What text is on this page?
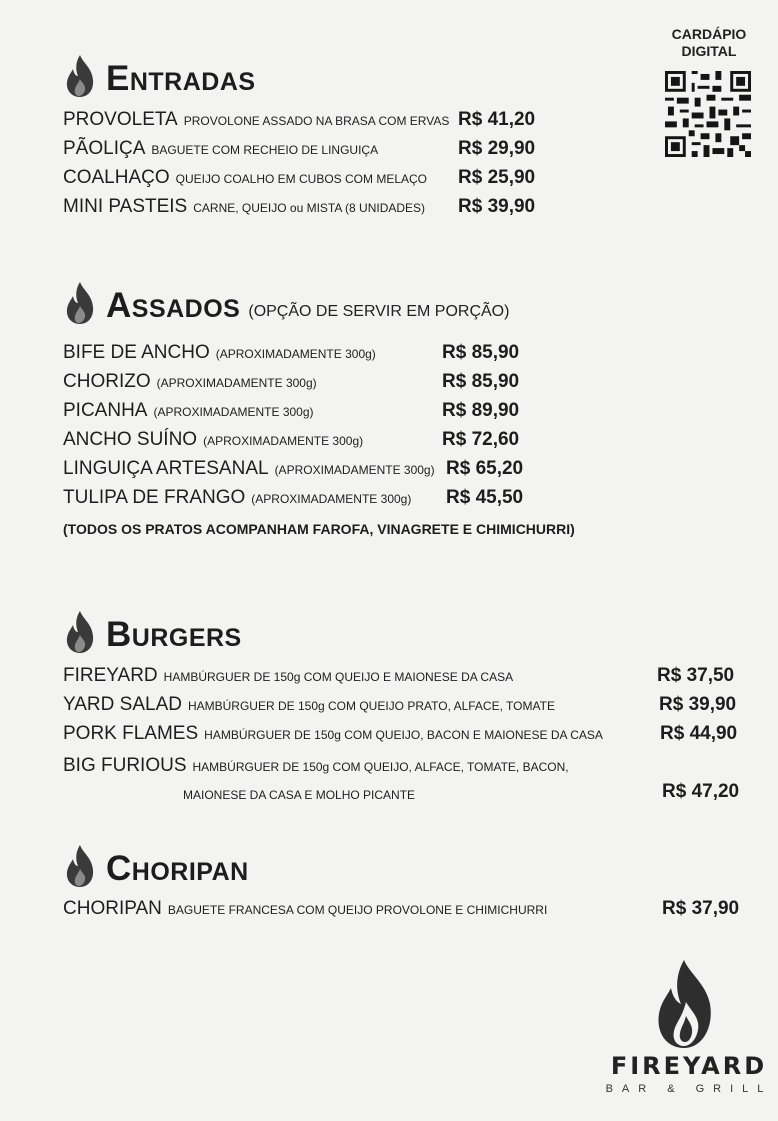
CARDÁPIO
DIGITAL
Entradas
PROVOLETA PROVOLONE ASSADO NA BRASA COM ERVAS R$ 41,20
PÃOLIÇA BAGUETE COM RECHEIO DE LINGUIÇA	R$ 29,90
COALHAÇO QUEIJO COALHO EM CUBOS COM MELAÇO R$ 25,90
MINI PASTEIS CARNE, QUEIJO ou MISTA (8 UNIDADES) R$ 39,90
Assados (OPÇÃO DE SERVIR EM PORÇÃO)
BIFE DE ANCHO (APROXIMADAMENTE 300g)	R$ 85,90
CHORIZO (APROXIMADAMENTE 300g)	R$ 85,90
PICANHA (APROXIMADAMENTE 300g)	R$ 89,90
ANCHO SUÍNO (APROXIMADAMENTE 300g)	R$ 72,60
LINGUIÇA ARTESANAL (APROXIMADAMENTE 300g) R$ 65,20
TULIPA DE FRANGO (APROXIMADAMENTE 300g) R$ 45,50
(TODOS OS PRATOS ACOMPANHAM FAROFA, VINAGRETE E CHIMICHURRI)
Burgers
FIREYARD HAMBÚRGUER DE 150g COM QUEIJO E MAIONESE DA CASA	R$ 37,50
YARD SALAD HAMBÚRGUER DE 150g COM QUEIJO PRATO, ALFACE, TOMATE	R$ 39,90
PORK FLAMES HAMBÚRGUER DE 150g COM QUEIJO, BACON E MAIONESE DA CASA	R$ 44,90
BIG FURIOUS HAMBÚRGUER DE 150g COM QUEIJO, ALFACE, TOMATE, BACON,
MAIONESE DA CASA E MOLHO PICANTE	R$ 47,20
Choripan
CHORIPAN BAGUETE FRANCESA COM QUEIJO PROVOLONE E CHIMICHURRI	R$ 37,90
FIREYARD
BAR & GRILL
